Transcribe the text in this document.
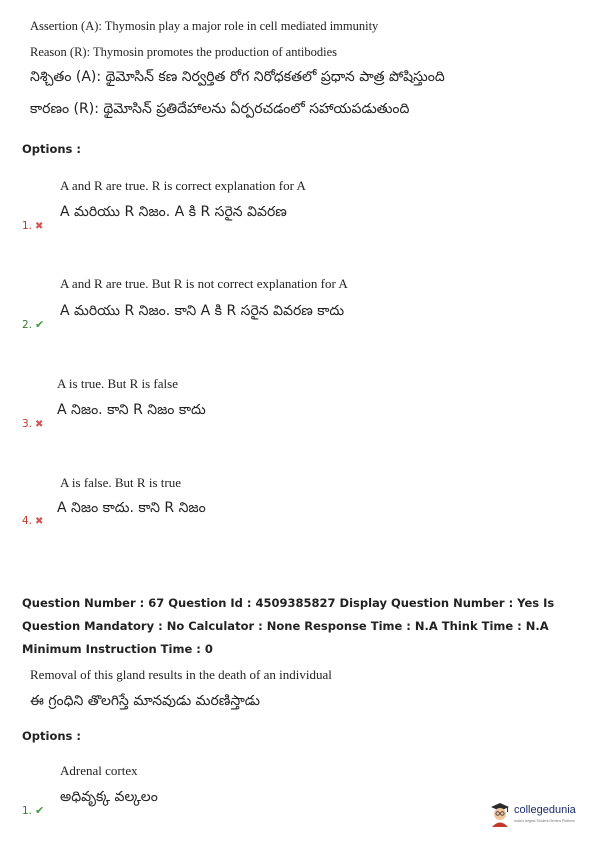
Assertion (A): Thymosin play a major role in cell mediated immunity
Reason (R): Thymosin promotes the production of antibodies
నిశ్చితం (A): థైమోసిన్ కణ నిర్వర్తిత రోగ నిరోధకతలో ప్రధాన పాత్ర పోషిస్తుంది
కారణం (R): థైమోసిన్ ప్రతిదేహాలను ఏర్పరచడంలో సహాయపడుతుంది
Options :
A and R are true. R is correct explanation for A
A మరియు R నిజం. A కి R సరైన వివరణ
1. ✖
A and R are true. But R is not correct explanation for A
A మరియు R నిజం. కాని A కి R సరైన వివరణ కాదు
2. ✔
A is true. But R is false
A నిజం. కాని R నిజం కాదు
3. ✖
A is false. But R is true
A నిజం కాదు. కాని R నిజం
4. ✖
Question Number : 67 Question Id : 4509385827 Display Question Number : Yes Is Question Mandatory : No Calculator : None Response Time : N.A Think Time : N.A Minimum Instruction Time : 0
Removal of this gland results in the death of an individual
ఈ గ్రంధిని తొలగిస్తే మానవుడు మరణిస్తాడు
Options :
Adrenal cortex
అధివృక్క వల్కలం
1. ✔	collegedunia
India's largest Student Review Platform
